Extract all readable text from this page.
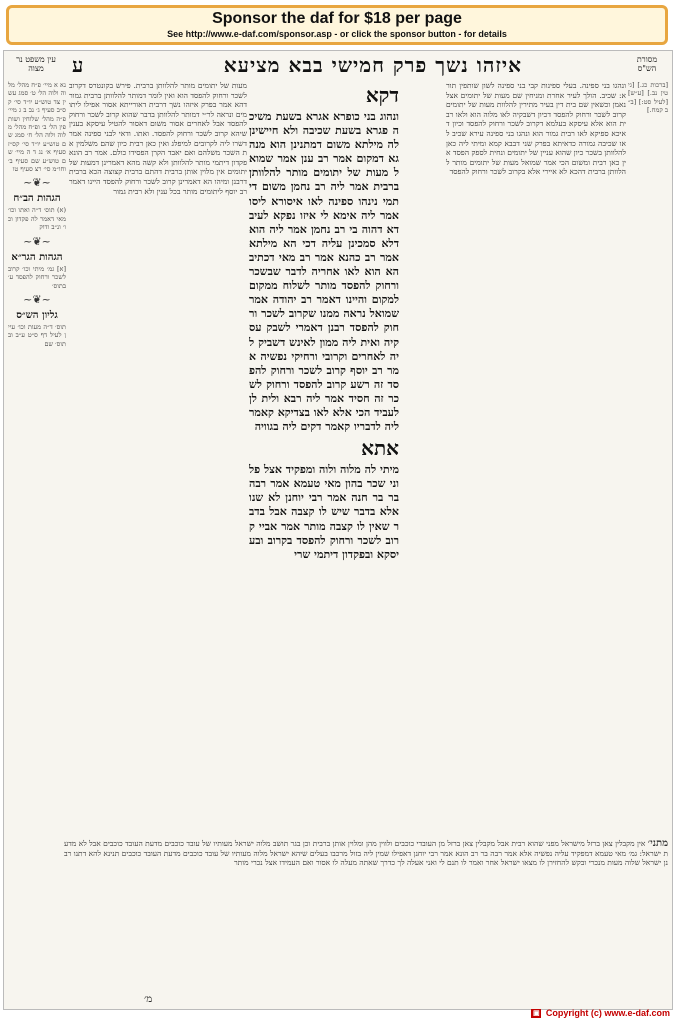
Sponsor the daf for $18 per page
See http://www.e-daf.com/sponsor.asp - or click the sponsor button - for details
מסורת הש"ס
איזהו נשך פרק חמישי בבא מציעא
ע
עין משפט נר מצוה
[ברכות כג.] [גיטין נב.] [ע״ש] [לעיל סט:] [ב״ב קמח.]
ונהגו בני ספינה. בעלי ספינות קבי בני ספינה לשון שותפין תורא: שכיב. הולך לעיר אחרת ומניחין שם מעות של יתומים אצל נאמן וכשאין שם בית דין בעיר מתירין להלוות מעות של יתומים קרוב לשכר ורחוק להפסד דכיון דשבקיה לאו מלוה הוא ולאו רבית הוא אלא עיסקא בעלמא דקרוב לשכר ורחוק להפסד וכיון דאיכא ספיקא לאו רבית גמור הוא ונהגו בני ספינה עירא שכיב לאו שכיבה גמורה כדאיתא בפרק שני דבבא קמא ומיתי ליה כאן להלוותן בשכר כיון שהוא עניין של יתומים ונחית לספק הפסד אין כאן רבית ומשום הכי אמר שמואל מעות של יתומים מותר להלוותן ברבית דהכא לא איירי אלא בקרוב לשכר ורחוק להפסד
דקא
ונהוג בני כופרא אגרא בשעת משיכה פגרא בשעת שכיבה ולא חיישינן לה מילתא משום דמתנינן הוא מנהגא דמקום אמר רב ענן אמר שמואל מעות של יתומים מותר להלוותן ברבית אמר ליה רב נחמן משום דיתמי נינהו ספינה לאו איסורא ליסו אמר ליה אימא לי איזו נפקא לעיבדא דהוה בי רב נחמן אמר ליה הוא דלא סמכינן עליה דכי הא מילתא אמר רב כהנא אמר רב מאי דכתיב הא הוא לאו אחריה לדבר שבשכר ורחוק להפסד מותר לשלוח ממקום למקום והיינו דאמר רב יהודה אמר שמואל נראה ממנו שקרוב לשכר ורחוק להפסד רבנן דאמרי לשבק עסקיה ואית ליה ממון לאינש דשביק ליה לאחרים וקרובי ורחיקי נפשיה אמר רב יוסף קרוב לשכר ורחוק להפסד זה רשע קרוב להפסד ורחוק לשכר זה חסיד אמר ליה רבא ולית לן לעביד הכי אלא לאו בצדיקא קאמר ליה לדבריו קאמר דקים ליה בגוויה
אתא
מיתי לה מלוה ולוה ומפקיד אצל פלוני שכר בהון מאי טעמא אמר רבה בר בר חנה אמר רבי יוחנן לא שנו אלא בדבר שיש לו קצבה אבל בדבר שאין לו קצבה מותר אמר אביי קרוב לשכר ורחוק להפסד בקרוב ובעיסקא ובפקדון דיתמי שרי
מעות של יתומים מותר להלוותן ברבית. פירש בקונטרס דקרוב לשכר ורחוק להפסד הוא ואין לומר דמותר להלוותן ברבית גמור דהא אמר בפרק איזהו נשך דרבית דאורייתא אסור אפילו ליתומים ונראה לר״י דמותר להלוותן בדבר שהוא קרוב לשכר ורחוק להפסד אבל לאחרים אסור משום דאסור להטיל עיסקא בענין שיהא קרוב לשכר ורחוק להפסד. ואתו. ודאי לבני ספינה אמר דשרו ליה לקרובים למיפלג ואין כאן רבית כיון שהם משלמין את השכר משלהם ואם יאבד הקרן הפסידו כולם. אמר רב הונא פקדון דיתמי מותר להלוותן ולא קשה מהא דאמרינן דמעות של יתומים אין מלוין אותן ברבית דהתם ברבית קצוצה הכא ברבית דרבנן ומיהו הא דאמרינן קרוב לשכר ורחוק להפסד היינו דאמר רב יוסף ליתומים מותר בכל ענין ולא רבית גמור
נא א מיי׳ פ״ח מהל׳ מלוה ולוה הל׳ ט׳ סמג עשין צד טוש״ע יו״ד סי׳ קס״ב סעיף ג׳ נב ב ג מיי׳ פ״ה מהל׳ שלוחין ושותפין הל׳ ב׳ ופ״ח מהל׳ מלוה ולוה הל׳ ח׳ סמג שם טוש״ע יו״ד סי׳ קס״ז סעיף א׳ נג ד ה מיי׳ שם טוש״ע שם סעיף ב׳ וחו״מ סי׳ רצ סעיף טו
~❦~
הגהות הב״ח
(א) תוס׳ ד״ה ואתו וכו׳ מאי דאמר לה פקדון וכו׳ ונ״ב ודוק
~❦~
הגהות הגר״א
[א] גמ׳ מיתי וכו׳ קרוב לשכר ורחוק להפסד ע׳ בתוס׳
~❦~
גליון הש״ס
תוס׳ ד״ה מעות וכו׳ עיין לעיל דף ס״ט ע״ב ובתוס׳ שם
מתני׳ אין מקבלין צאן ברזל מישראל מפני שהוא רבית אבל מקבלין צאן ברזל מן העובדי כוכבים ולווין מהן ומלוין אותן ברבית וכן בגר תושב מלוה ישראל מעותיו של עובד כוכבים מדעת העובד כוכבים אבל לא מדעת ישראל: גמ׳ מאי טעמא דמפקיד עליה נפשיה אלא אמר רבה בר רב הונא אמר רבי יוחנן דאפילו שמין ליה בזול מרכבו בעלים שיהא ישראל מלוה מעותיו של עובד כוכבים מדעת העובד כוכבים תנינא להא דתנו רבנן ישראל שלוה מעות מנכרי ובקש להחזירן לו מצאו ישראל אחר ואמר לו תנם לי ואני אעלה לך כדרך שאתה מעלה לו אסור ואם העמידו אצל נכרי מותר
מ׳
▣ Copyright (c) www.e-daf.com
